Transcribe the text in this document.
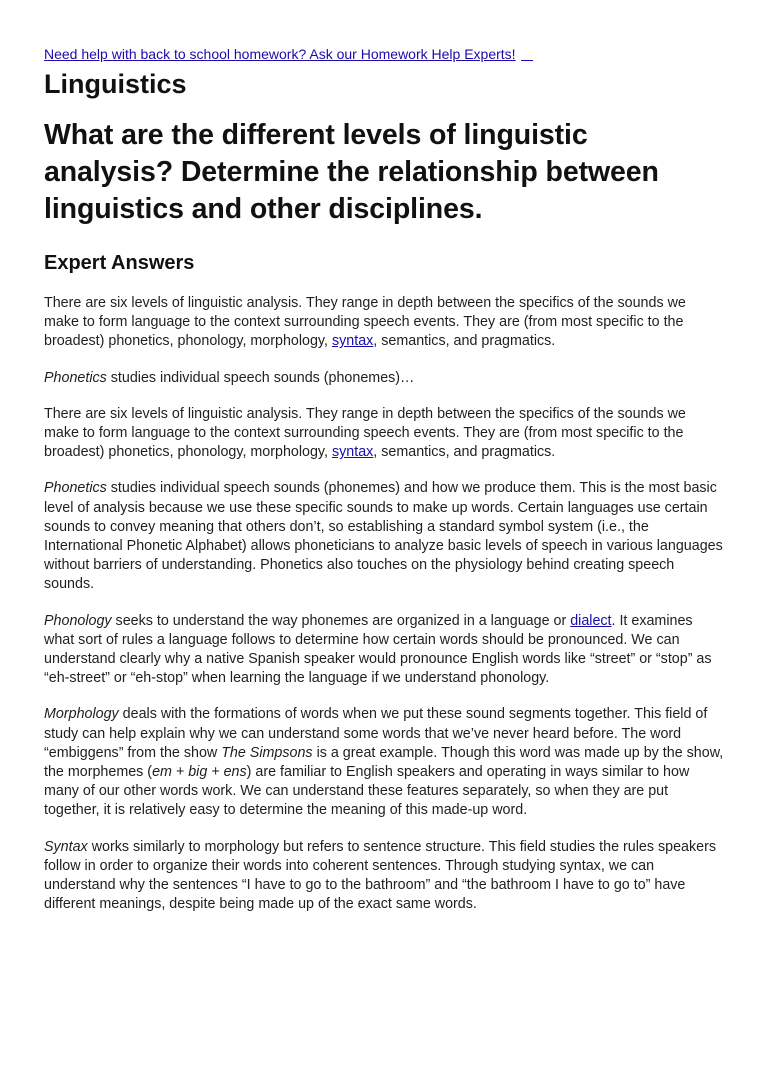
Need help with back to school homework? Ask our Homework Help Experts!
Linguistics
What are the different levels of linguistic analysis? Determine the relationship between linguistics and other disciplines.
Expert Answers

There are six levels of linguistic analysis. They range in depth between the specifics of the sounds we make to form language to the context surrounding speech events. They are (from most specific to the broadest) phonetics, phonology, morphology, syntax, semantics, and pragmatics.

Phonetics studies individual speech sounds (phonemes)…

There are six levels of linguistic analysis. They range in depth between the specifics of the sounds we make to form language to the context surrounding speech events. They are (from most specific to the broadest) phonetics, phonology, morphology, syntax, semantics, and pragmatics.

Phonetics studies individual speech sounds (phonemes) and how we produce them. This is the most basic level of analysis because we use these specific sounds to make up words. Certain languages use certain sounds to convey meaning that others don’t, so establishing a standard symbol system (i.e., the International Phonetic Alphabet) allows phoneticians to analyze basic levels of speech in various languages without barriers of understanding. Phonetics also touches on the physiology behind creating speech sounds.

Phonology seeks to understand the way phonemes are organized in a language or dialect. It examines what sort of rules a language follows to determine how certain words should be pronounced. We can understand clearly why a native Spanish speaker would pronounce English words like “street” or “stop” as “eh-street” or “eh-stop” when learning the language if we understand phonology.

Morphology deals with the formations of words when we put these sound segments together. This field of study can help explain why we can understand some words that we’ve never heard before. The word “embiggens” from the show The Simpsons is a great example. Though this word was made up by the show, the morphemes (em + big + ens) are familiar to English speakers and operating in ways similar to how many of our other words work. We can understand these features separately, so when they are put together, it is relatively easy to determine the meaning of this made-up word.

Syntax works similarly to morphology but refers to sentence structure. This field studies the rules speakers follow in order to organize their words into coherent sentences. Through studying syntax, we can understand why the sentences “I have to go to the bathroom” and “the bathroom I have to go to” have different meanings, despite being made up of the exact same words.
